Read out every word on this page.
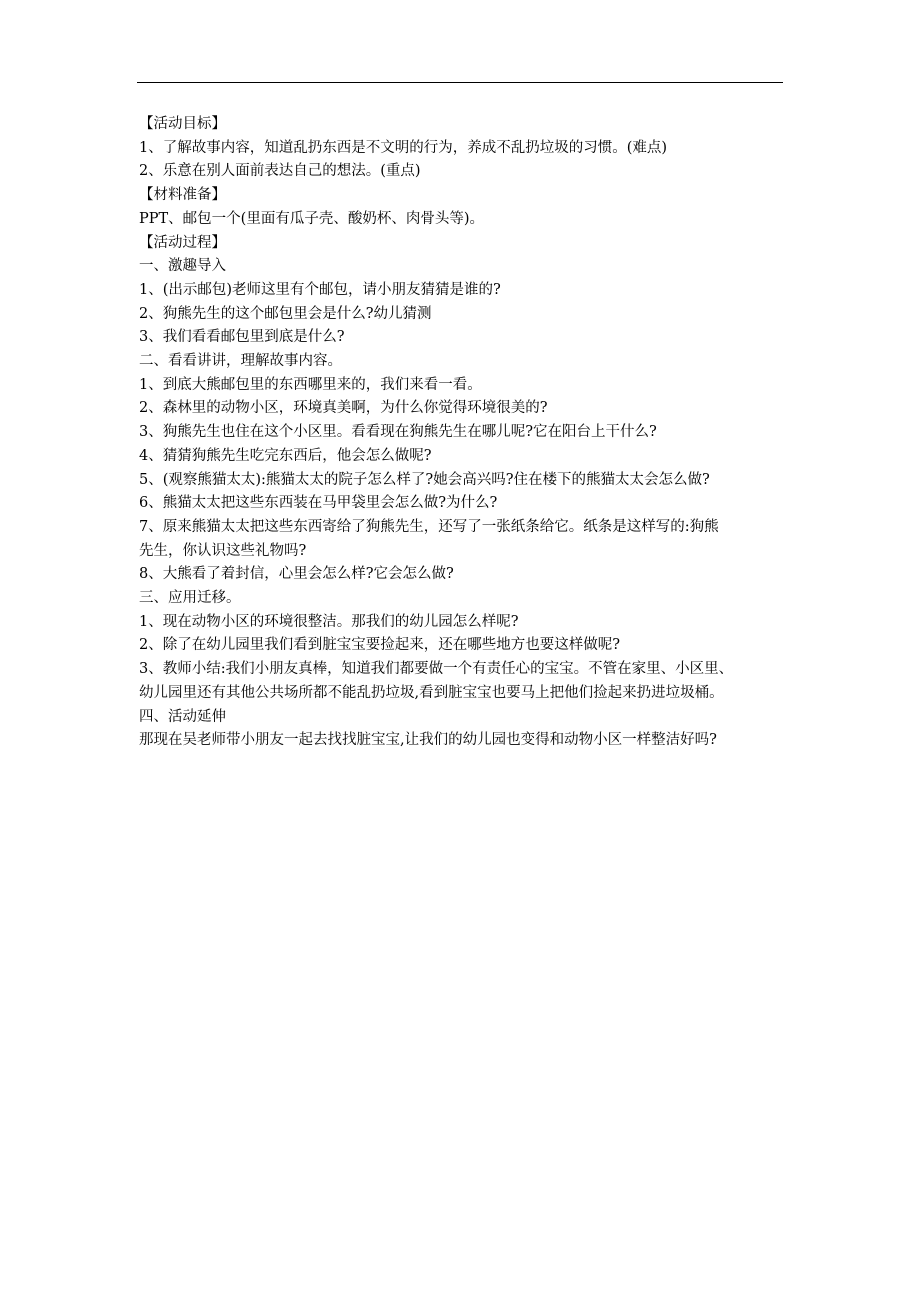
【活动目标】
1、了解故事内容，知道乱扔东西是不文明的行为，养成不乱扔垃圾的习惯。(难点)
2、乐意在别人面前表达自己的想法。(重点)
【材料准备】
PPT、邮包一个(里面有瓜子壳、酸奶杯、肉骨头等)。
【活动过程】
一、激趣导入
1、(出示邮包)老师这里有个邮包，请小朋友猜猜是谁的?
2、狗熊先生的这个邮包里会是什么?幼儿猜测
3、我们看看邮包里到底是什么?
二、看看讲讲，理解故事内容。
1、到底大熊邮包里的东西哪里来的，我们来看一看。
2、森林里的动物小区，环境真美啊，为什么你觉得环境很美的?
3、狗熊先生也住在这个小区里。看看现在狗熊先生在哪儿呢?它在阳台上干什么?
4、猜猜狗熊先生吃完东西后，他会怎么做呢?
5、(观察熊猫太太):熊猫太太的院子怎么样了?她会高兴吗?住在楼下的熊猫太太会怎么做?
6、熊猫太太把这些东西装在马甲袋里会怎么做?为什么?
7、原来熊猫太太把这些东西寄给了狗熊先生，还写了一张纸条给它。纸条是这样写的:狗熊
先生，你认识这些礼物吗?
8、大熊看了着封信，心里会怎么样?它会怎么做?
三、应用迁移。
1、现在动物小区的环境很整洁。那我们的幼儿园怎么样呢?
2、除了在幼儿园里我们看到脏宝宝要捡起来，还在哪些地方也要这样做呢?
3、教师小结:我们小朋友真棒，知道我们都要做一个有责任心的宝宝。不管在家里、小区里、
幼儿园里还有其他公共场所都不能乱扔垃圾,看到脏宝宝也要马上把他们捡起来扔进垃圾桶。
四、活动延伸
那现在吴老师带小朋友一起去找找脏宝宝,让我们的幼儿园也变得和动物小区一样整洁好吗?
